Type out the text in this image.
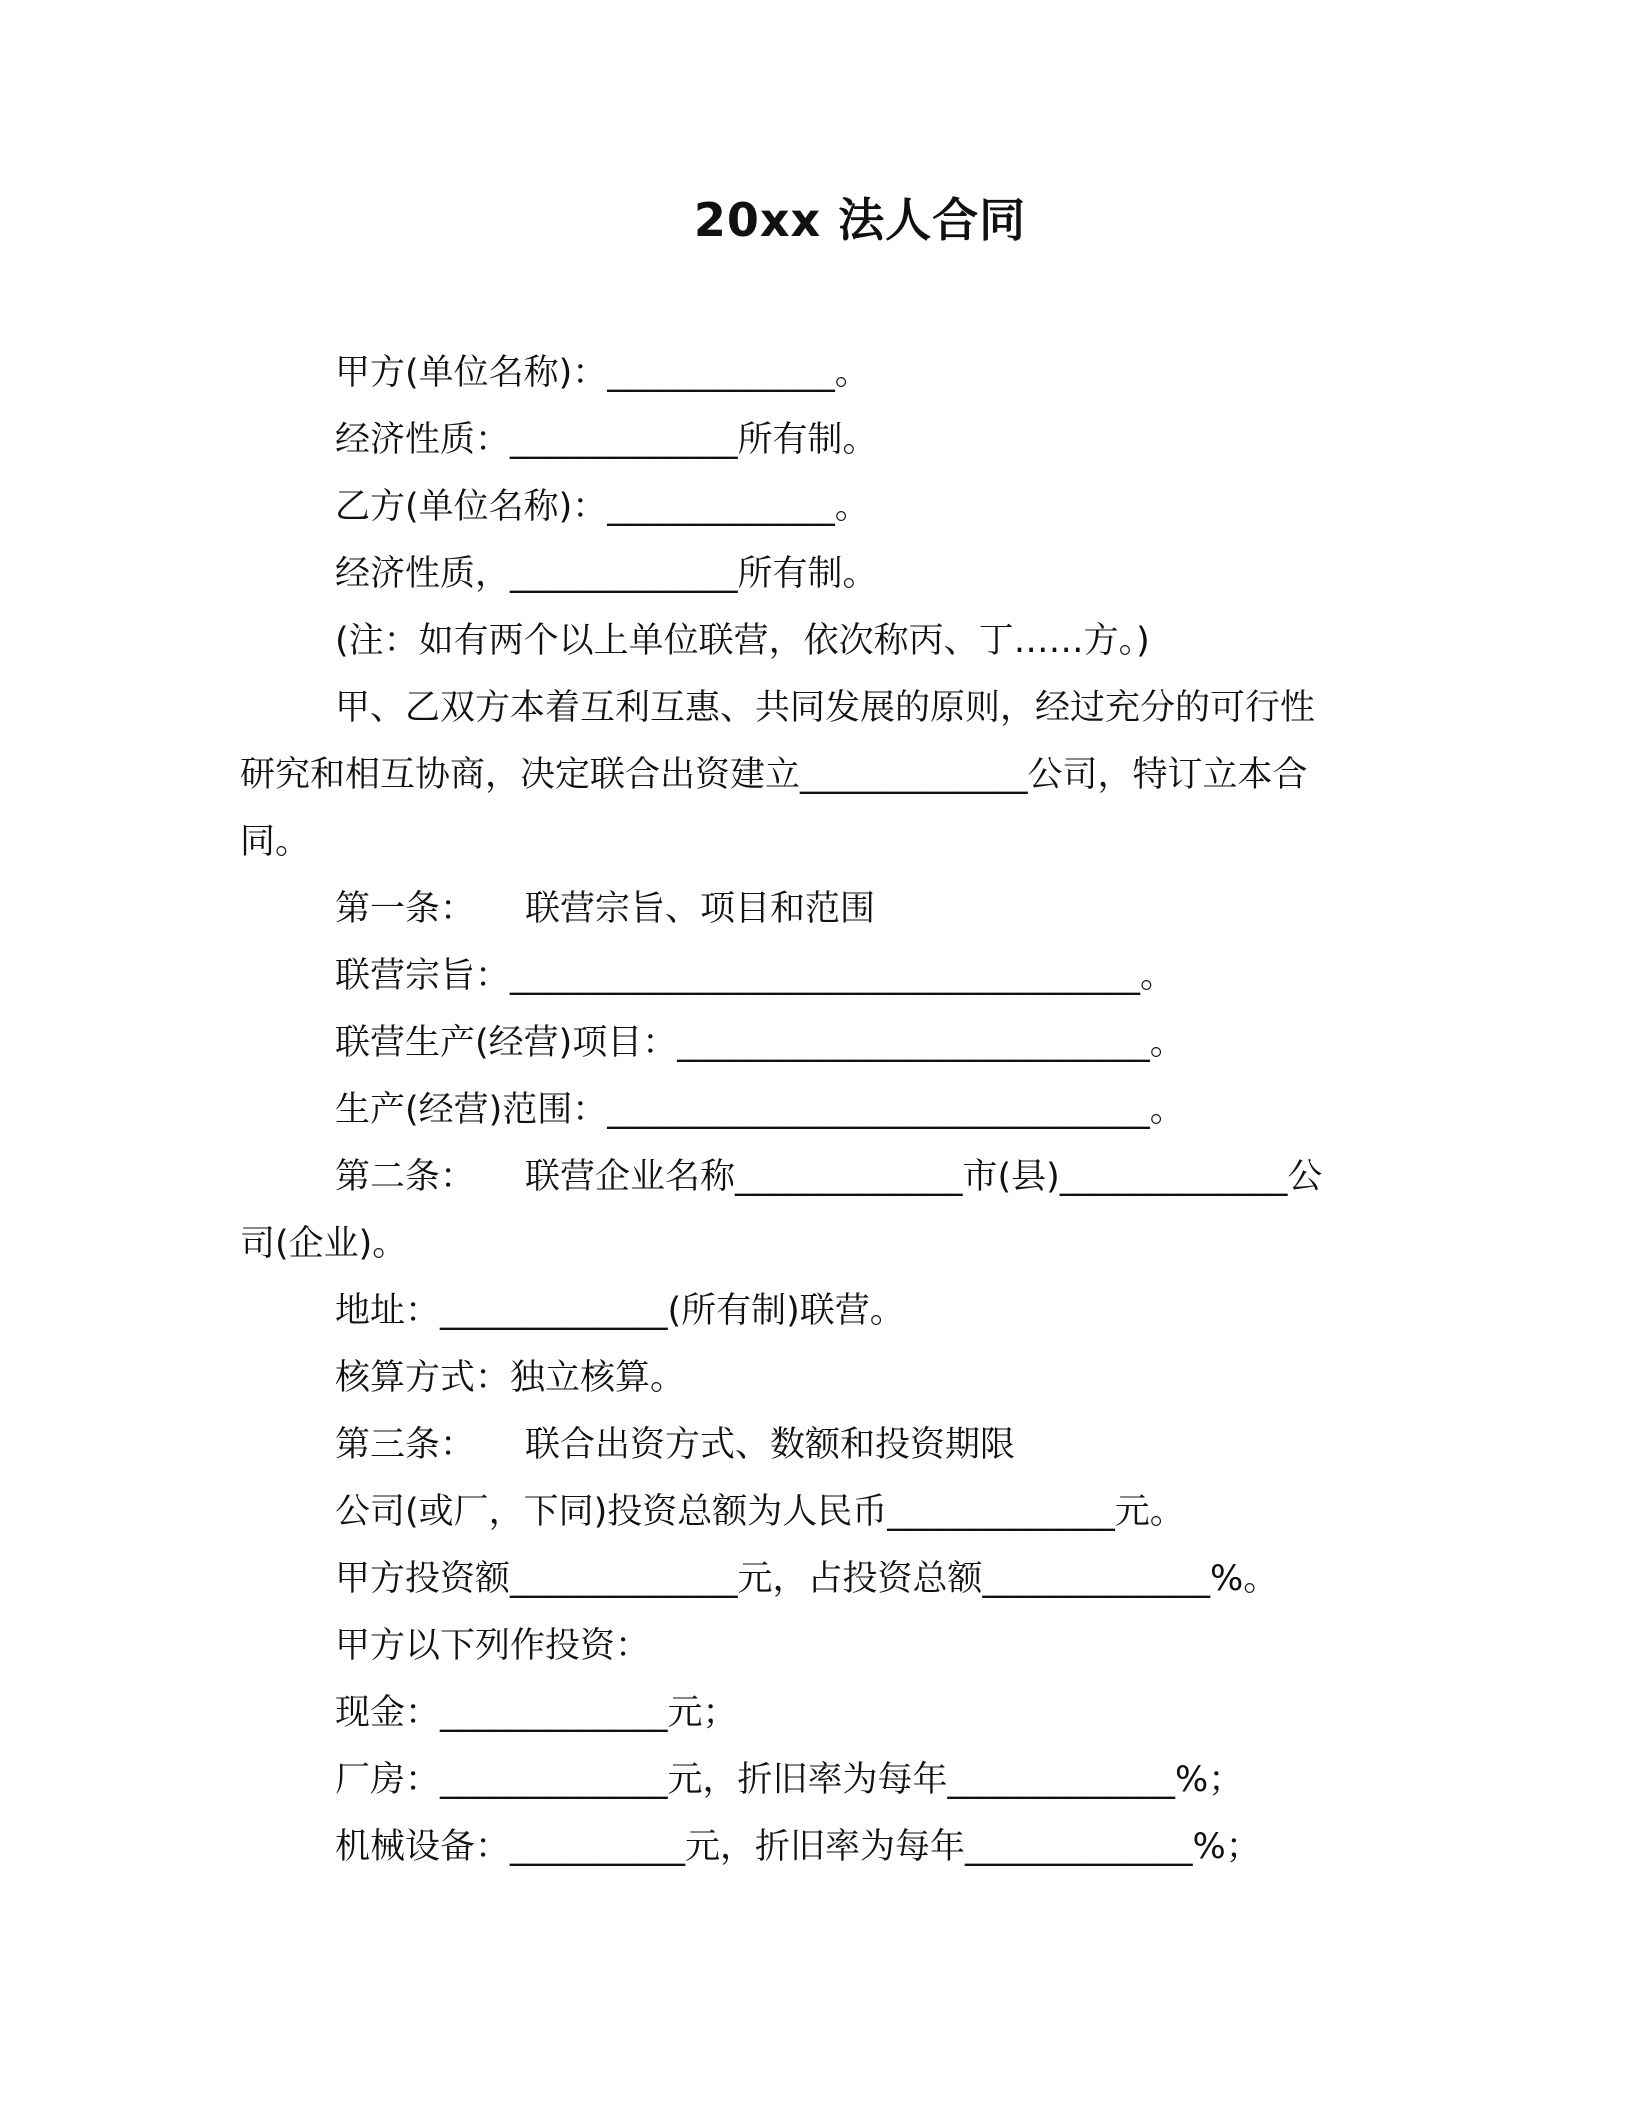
20xx 法人合同
甲方(单位名称)：_____________。
经济性质：_____________所有制。
乙方(单位名称)：_____________。
经济性质，_____________所有制。
(注：如有两个以上单位联营，依次称丙、丁……方。)
甲、乙双方本着互利互惠、共同发展的原则，经过充分的可行性
研究和相互协商，决定联合出资建立_____________公司，特订立本合
同。
第一条： 联营宗旨、项目和范围
联营宗旨：____________________________________。
联营生产(经营)项目：___________________________。
生产(经营)范围：_______________________________。
第二条： 联营企业名称_____________市(县)_____________公
司(企业)。
地址：_____________(所有制)联营。
核算方式：独立核算。
第三条： 联合出资方式、数额和投资期限
公司(或厂，下同)投资总额为人民币_____________元。
甲方投资额_____________元，占投资总额_____________%。
甲方以下列作投资：
现金：_____________元；
厂房：_____________元，折旧率为每年_____________%；
机械设备：__________元，折旧率为每年_____________%；
